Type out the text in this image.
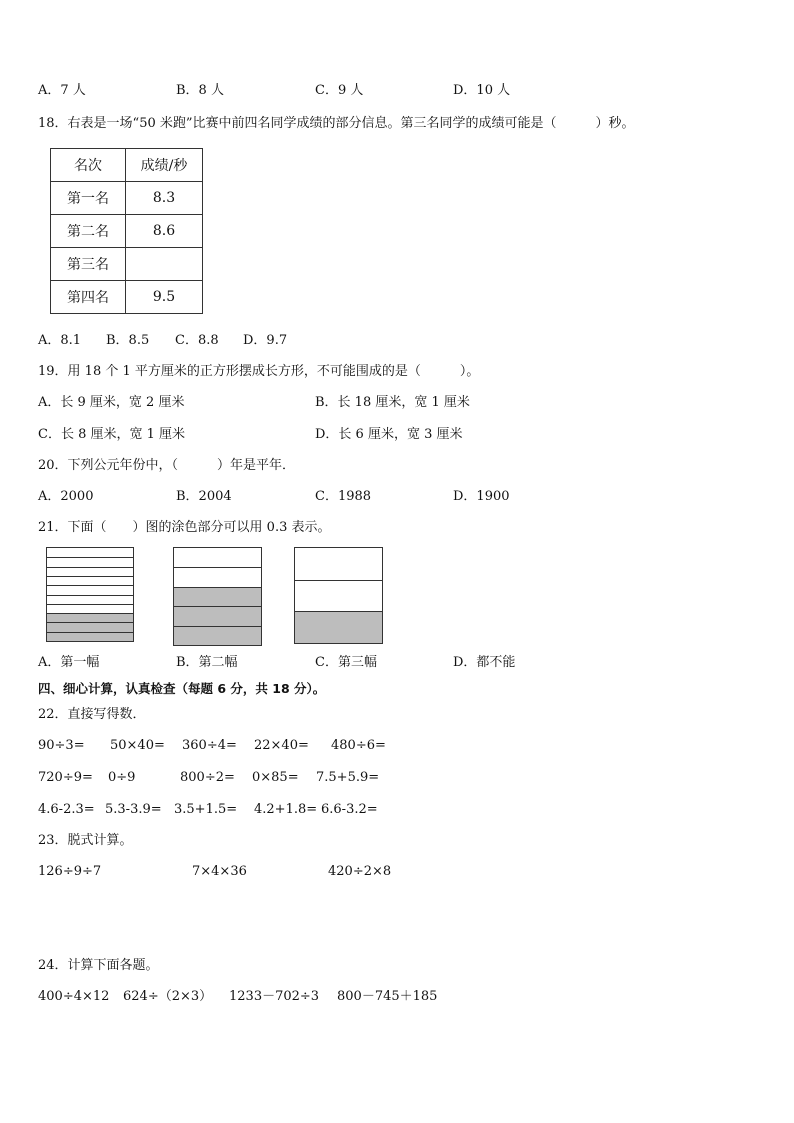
A．7 人	B．8 人	C．9 人	D．10 人
18．右表是一场“50 米跑”比赛中前四名同学成绩的部分信息。第三名同学的成绩可能是（　　　）秒。
名次	成绩/秒
第一名	8.3
第二名	8.6
第三名	
第四名	9.5
A．8.1 B．8.5 C．8.8 D．9.7
19．用 18 个 1 平方厘米的正方形摆成长方形，不可能围成的是（　　　）。
A．长 9 厘米，宽 2 厘米	B．长 18 厘米，宽 1 厘米
C．长 8 厘米，宽 1 厘米	D．长 6 厘米，宽 3 厘米
20．下列公元年份中，（　　　）年是平年．
A．2000	B．2004	C．1988	D．1900
21．下面（　　）图的涂色部分可以用 0.3 表示。
A．第一幅	B．第二幅	C．第三幅	D．都不能
四、细心计算，认真检查（每题 6 分，共 18 分）。
22．直接写得数．
90÷3= 50×40= 360÷4= 22×40= 480÷6=
720÷9= 0÷9	800÷2= 0×85= 7.5+5.9=
4.6-2.3= 5.3-3.9= 3.5+1.5= 4.2+1.8= 6.6-3.2=
23．脱式计算。
126÷9÷7	7×4×36	420÷2×8
24．计算下面各题。
400÷4×12 624÷（2×3） 1233－702÷3 800－745＋185
